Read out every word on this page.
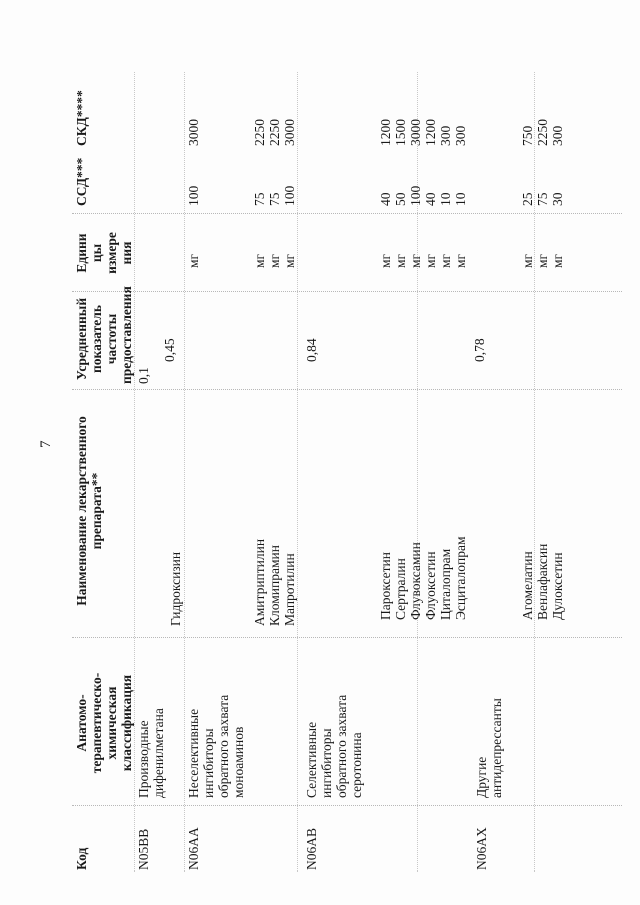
7
Код
Анатомо- терапевтическо- химическая классификация
Наименование лекарственного препарата**
Усредненный показатель частоты предоставления
Едини цы измере ния
ССД***
СКД****
N05BB
Производные дифенилметана
0,1
Гидроксизин
0,45
мг
100
3000
N06AA
Неселективные ингибиторы обратного захвата моноаминов
Амитриптилин Кломипрамин Мапротилин
мг мг мг
75 75 100
2250 2250 3000
0,84
N06AB
Селективные ингибиторы обратного захвата серотонина
Пароксетин Сертралин Флувоксамин Флуоксетин Циталопрам Эсциталопрам
мг мг мг мг мг мг
40 50 100 40 10 10
1200 1500 3000 1200 300 300
0,78
N06AX
Другие антидепрессанты
Агомелатин Венлафаксин Дулоксетин
мг мг мг
25 75 30
750 2250 300
